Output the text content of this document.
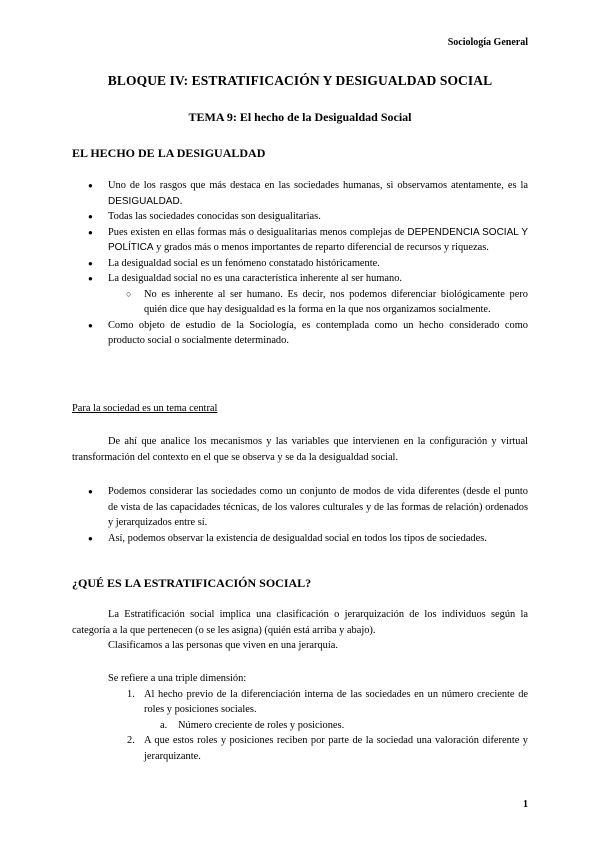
Sociología General
BLOQUE IV: ESTRATIFICACIÓN Y DESIGUALDAD SOCIAL
TEMA 9: El hecho de la Desigualdad Social
EL HECHO DE LA DESIGUALDAD
● Uno de los rasgos que más destaca en las sociedades humanas, si observamos atentamente, es la DESIGUALDAD.
● Todas las sociedades conocidas son desigualitarias.
● Pues existen en ellas formas más o desigualitarias menos complejas de DEPENDENCIA SOCIAL Y POLÍTICA y grados más o menos importantes de reparto diferencial de recursos y riquezas.
● La desigualdad social es un fenómeno constatado históricamente.
● La desigualdad social no es una característica inherente al ser humano.
○ No es inherente al ser humano. Es decir, nos podemos diferenciar biológicamente pero quién dice que hay desigualdad es la forma en la que nos organizamos socialmente.
● Como objeto de estudio de la Sociología, es contemplada como un hecho considerado como producto social o socialmente determinado.
Para la sociedad es un tema central

De ahí que analice los mecanismos y las variables que intervienen en la configuración y virtual transformación del contexto en el que se observa y se da la desigualdad social.

● Podemos considerar las sociedades como un conjunto de modos de vida diferentes (desde el punto de vista de las capacidades técnicas, de los valores culturales y de las formas de relación) ordenados y jerarquizados entre sí.
● Así, podemos observar la existencia de desigualdad social en todos los tipos de sociedades.
¿QUÉ ES LA ESTRATIFICACIÓN SOCIAL?

La Estratificación social implica una clasificación o jerarquización de los individuos según la categoría a la que pertenecen (o se les asigna) (quién está arriba y abajo).

Clasificamos a las personas que viven en una jerarquía.

Se refiere a una triple dimensión:

1. Al hecho previo de la diferenciación interna de las sociedades en un número creciente de roles y posiciones sociales.
a. Número creciente de roles y posiciones.
2. A que estos roles y posiciones reciben por parte de la sociedad una valoración diferente y jerarquizante.
1
